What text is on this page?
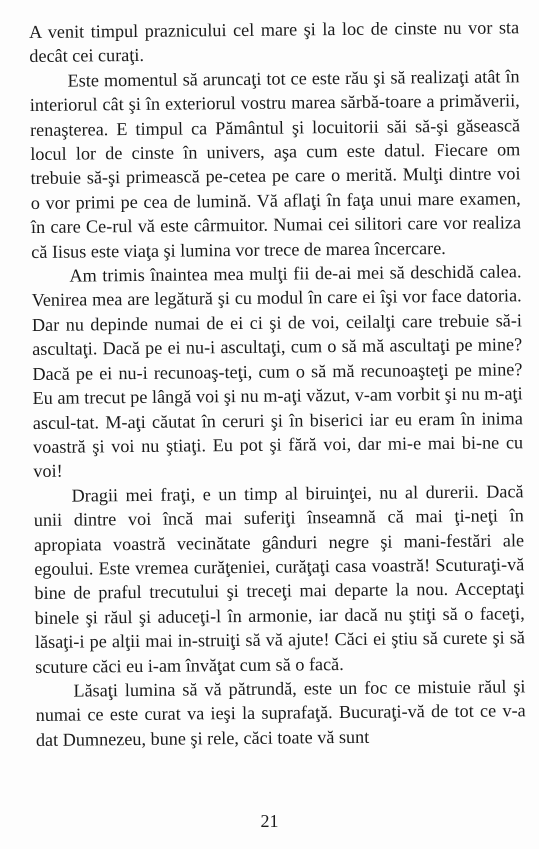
A venit timpul praznicului cel mare şi la loc de cinste nu vor sta decât cei curaţi.

Este momentul să aruncaţi tot ce este rău şi să realizaţi atât în interiorul cât şi în exteriorul vostru marea sărbă-toare a primăverii, renaşterea. E timpul ca Pământul şi locuitorii săi să-şi găsească locul lor de cinste în univers, aşa cum este datul. Fiecare om trebuie să-şi primească pe-cetea pe care o merită. Mulţi dintre voi o vor primi pe cea de lumină. Vă aflaţi în faţa unui mare examen, în care Ce-rul vă este cârmuitor. Numai cei silitori care vor realiza că Iisus este viaţa şi lumina vor trece de marea încercare.

Am trimis înaintea mea mulţi fii de-ai mei să deschidă calea. Venirea mea are legătură şi cu modul în care ei îşi vor face datoria. Dar nu depinde numai de ei ci şi de voi, ceilalţi care trebuie să-i ascultaţi. Dacă pe ei nu-i ascultaţi, cum o să mă ascultaţi pe mine? Dacă pe ei nu-i recunoaş-teţi, cum o să mă recunoaşteţi pe mine? Eu am trecut pe lângă voi şi nu m-aţi văzut, v-am vorbit şi nu m-aţi ascul-tat. M-aţi căutat în ceruri şi în biserici iar eu eram în inima voastră şi voi nu ştiaţi. Eu pot şi fără voi, dar mi-e mai bi-ne cu voi!

Dragii mei fraţi, e un timp al biruinţei, nu al durerii. Dacă unii dintre voi încă mai suferiţi înseamnă că mai ţi-neţi în apropiata voastră vecinătate gânduri negre şi mani-festări ale egoului. Este vremea curăţeniei, curăţaţi casa voastră! Scuturaţi-vă bine de praful trecutului şi treceţi mai departe la nou. Acceptaţi binele şi răul şi aduceţi-l în armonie, iar dacă nu ştiţi să o faceţi, lăsaţi-i pe alţii mai in-struiţi să vă ajute! Căci ei ştiu să curete şi să scuture căci eu i-am învăţat cum să o facă.

Lăsaţi lumina să vă pătrundă, este un foc ce mistuie răul şi numai ce este curat va ieşi la suprafaţă. Bucuraţi-vă de tot ce v-a dat Dumnezeu, bune şi rele, căci toate vă sunt

21
